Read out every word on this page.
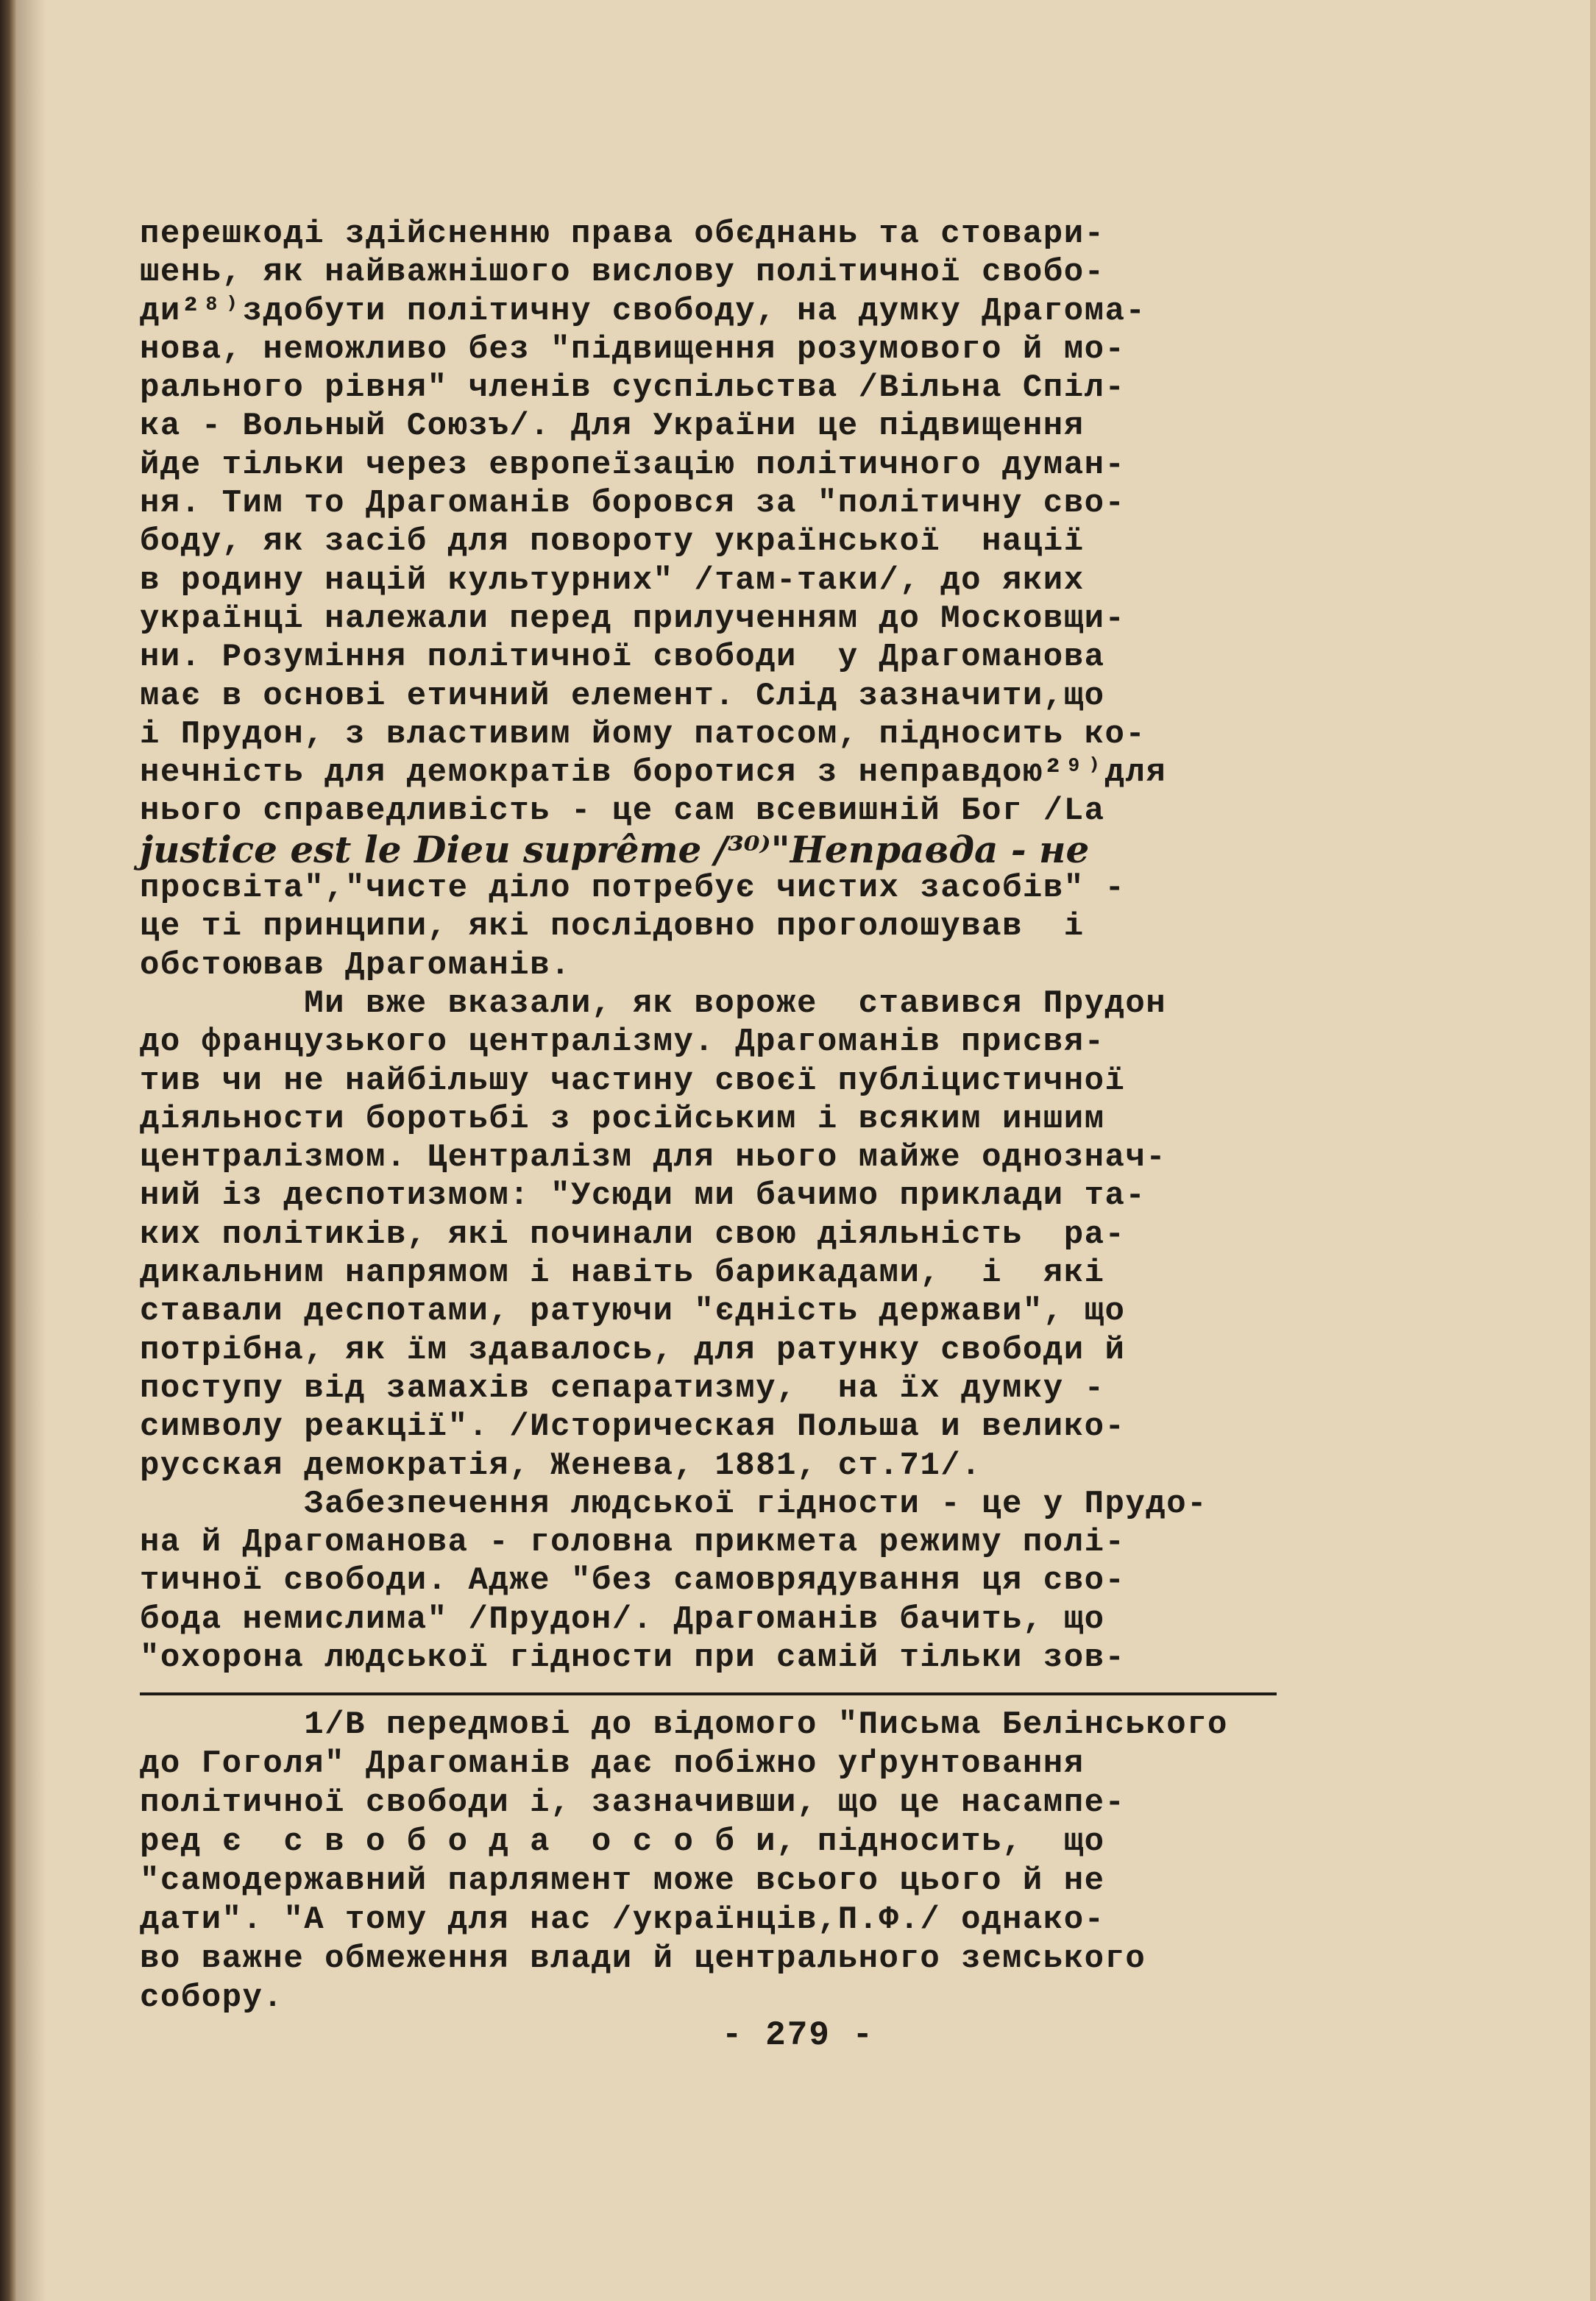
перешкоді здійсненню права обєднань та стовари-
шень, як найважнішого вислову політичної свобо-
ди²⁸⁾здобути політичну свободу, на думку Драгома-
нова, неможливо без "підвищення розумового й мо-
рального рівня" членів суспільства /Вільна Спіл-
ка - Вольный Союзъ/. Для України це підвищення
йде тільки через европеїзацію політичного думан-
ня. Тим то Драгоманів боровся за "політичну сво-
боду, як засіб для повороту української  нації
в родину націй культурних" /там-таки/, до яких
українці належали перед прилученням до Московщи-
ни. Розуміння політичної свободи  у Драгоманова
має в основі етичний елемент. Слід зазначити,що
і Прудон, з властивим йому патосом, підносить ко-
нечність для демократів боротися з неправдою²⁹⁾для
нього справедливість - це сам всевишній Бог /La
justice est le Dieu suprême /³⁰⁾"Неправда - не
просвіта","чисте діло потребує чистих засобів" -
це ті принципи, які послідовно проголошував  і
обстоював Драгоманів.
Ми вже вказали, як вороже  ставився Прудон
до французького централізму. Драгоманів присвя-
тив чи не найбільшу частину своєї публіцистичної
діяльности боротьбі з російським і всяким иншим
централізмом. Централізм для нього майже однознач-
ний із деспотизмом: "Усюди ми бачимо приклади та-
ких політиків, які починали свою діяльність  ра-
дикальним напрямом і навіть барикадами,  і  які
ставали деспотами, ратуючи "єдність держави", що
потрібна, як їм здавалось, для ратунку свободи й
поступу від замахів сепаратизму,  на їх думку -
символу реакції". /Историческая Польша и велико-
русская демократія, Женева, 1881, ст.71/.
Забезпечення людської гідности - це у Прудо-
на й Драгоманова - головна прикмета режиму полі-
тичної свободи. Адже "без самоврядування ця сво-
бода немислима" /Прудон/. Драгоманів бачить, що
"охорона людської гідности при самій тільки зов-
1/В передмові до відомого "Письма Белінського
до Гоголя" Драгоманів дає побіжно уґрунтовання
політичної свободи і, зазначивши, що це насампе-
ред є  с в о б о д а  о с о б и, підносить,  що
"самодержавний парлямент може всього цього й не
дати". "А тому для нас /українців,П.Ф./ однако-
во важне обмеження влади й центрального земського
собору.
- 279 -
